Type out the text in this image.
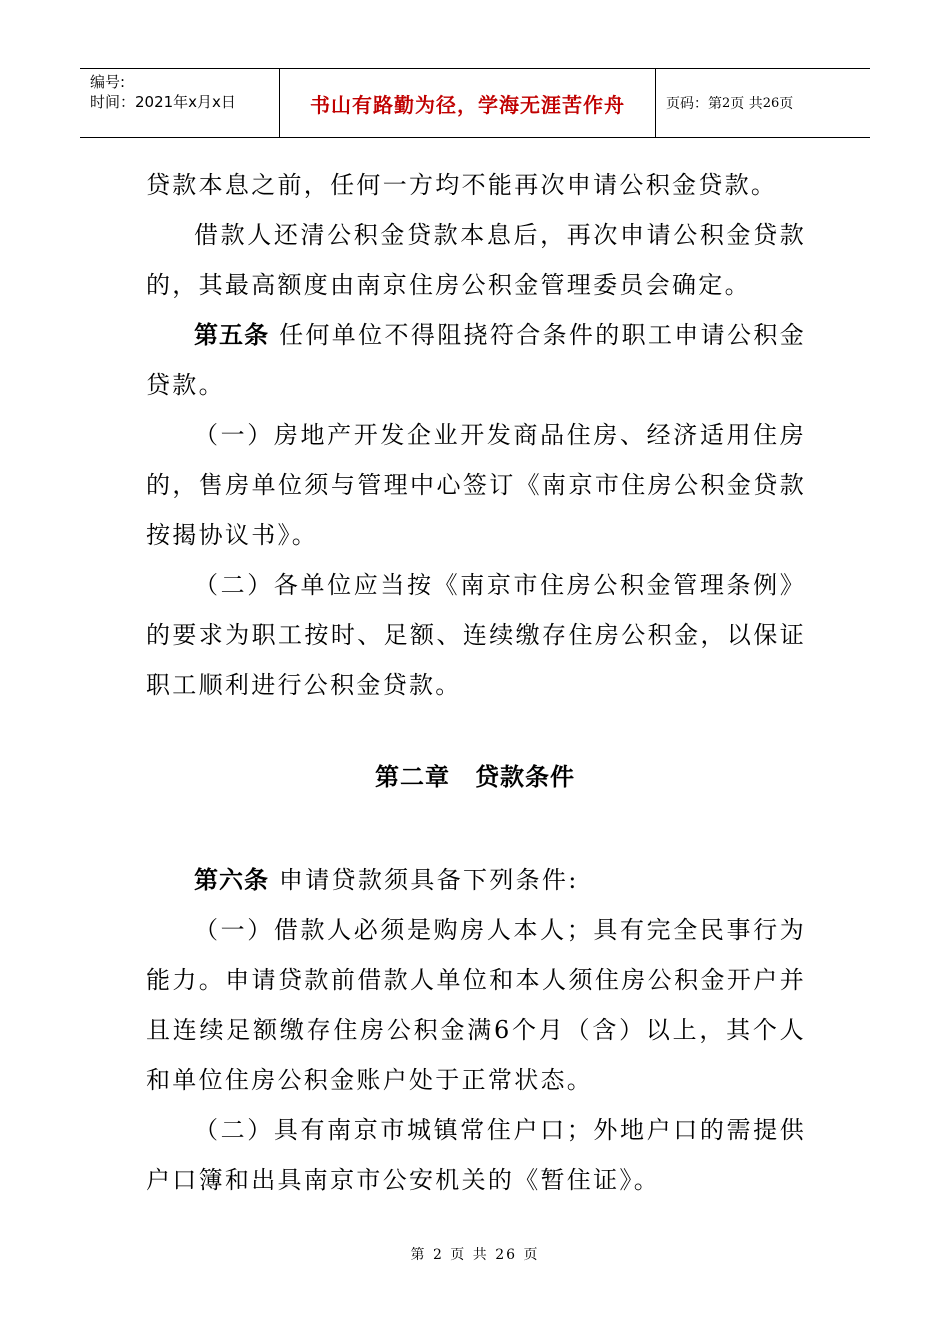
编号:
时间：2021年x月x日	书山有路勤为径，学海无涯苦作舟	页码：第 2 页 共 26 页

贷款本息之前，任何一方均不能再次申请公积金贷款。

借款人还清公积金贷款本息后，再次申请公积金贷款的，其最高额度由南京住房公积金管理委员会确定。

第五条 任何单位不得阻挠符合条件的职工申请公积金贷款。

（一）房地产开发企业开发商品住房、经济适用住房的，售房单位须与管理中心签订《南京市住房公积金贷款按揭协议书》。

（二）各单位应当按《南京市住房公积金管理条例》的要求为职工按时、足额、连续缴存住房公积金，以保证职工顺利进行公积金贷款。

第二章　贷款条件

第六条 申请贷款须具备下列条件:

（一）借款人必须是购房人本人；具有完全民事行为能力。申请贷款前借款人单位和本人须住房公积金开户并且连续足额缴存住房公积金满6个月（含）以上，其个人和单位住房公积金账户处于正常状态。

（二）具有南京市城镇常住户口；外地户口的需提供户口簿和出具南京市公安机关的《暂住证》。

第 2 页 共 26 页
